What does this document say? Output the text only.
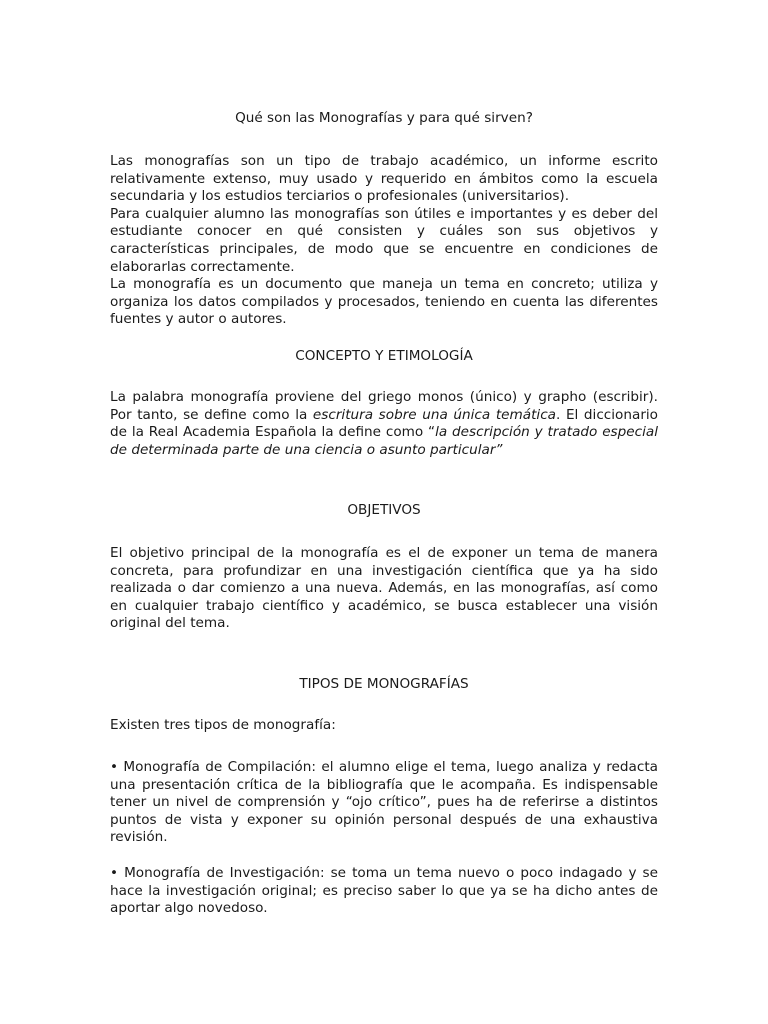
Qué son las Monografías y para qué sirven?

Las monografías son un tipo de trabajo académico, un informe escrito relativamente extenso, muy usado y requerido en ámbitos como la escuela secundaria y los estudios terciarios o profesionales (universitarios).

Para cualquier alumno las monografías son útiles e importantes y es deber del estudiante conocer en qué consisten y cuáles son sus objetivos y características principales, de modo que se encuentre en condiciones de elaborarlas correctamente.

La monografía es un documento que maneja un tema en concreto; utiliza y organiza los datos compilados y procesados, teniendo en cuenta las diferentes fuentes y autor o autores.

CONCEPTO Y ETIMOLOGÍA

La palabra monografía proviene del griego monos (único) y grapho (escribir). Por tanto, se define como la escritura sobre una única temática. El diccionario de la Real Academia Española la define como “la descripción y tratado especial de determinada parte de una ciencia o asunto particular”

OBJETIVOS

El objetivo principal de la monografía es el de exponer un tema de manera concreta, para profundizar en una investigación científica que ya ha sido realizada o dar comienzo a una nueva. Además, en las monografías, así como en cualquier trabajo científico y académico, se busca establecer una visión original del tema.

TIPOS DE MONOGRAFÍAS

Existen tres tipos de monografía:

• Monografía de Compilación: el alumno elige el tema, luego analiza y redacta una presentación crítica de la bibliografía que le acompaña. Es indispensable tener un nivel de comprensión y “ojo crítico”, pues ha de referirse a distintos puntos de vista y exponer su opinión personal después de una exhaustiva revisión.

• Monografía de Investigación: se toma un tema nuevo o poco indagado y se hace la investigación original; es preciso saber lo que ya se ha dicho antes de aportar algo novedoso.
